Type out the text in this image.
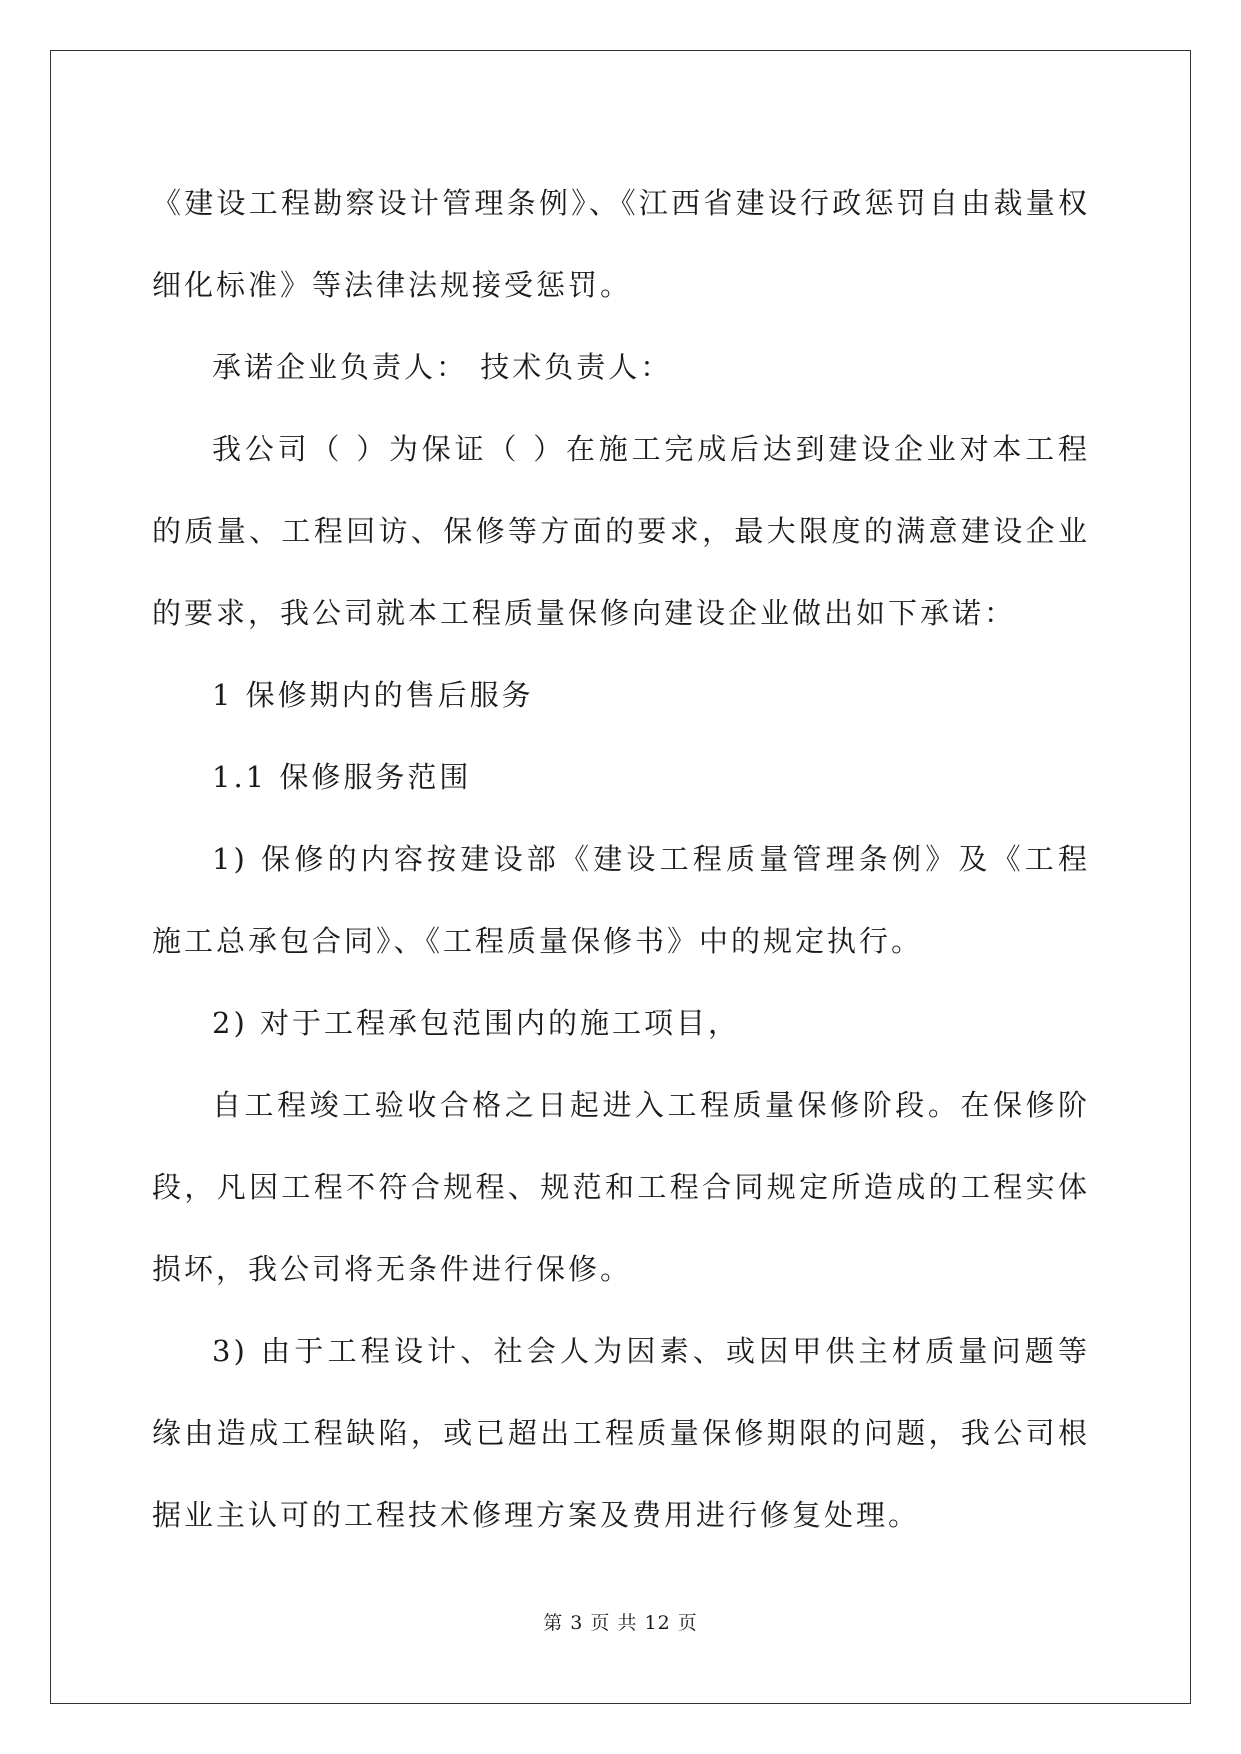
《建设工程勘察设计管理条例》、《江西省建设行政惩罚自由裁量权细化标准》等法律法规接受惩罚。

承诺企业负责人： 技术负责人：

我公司（ ）为保证（ ）在施工完成后达到建设企业对本工程的质量、工程回访、保修等方面的要求，最大限度的满意建设企业的要求，我公司就本工程质量保修向建设企业做出如下承诺：

1 保修期内的售后服务

1.1 保修服务范围

1) 保修的内容按建设部《建设工程质量管理条例》及《工程施工总承包合同》、《工程质量保修书》中的规定执行。

2) 对于工程承包范围内的施工项目，

自工程竣工验收合格之日起进入工程质量保修阶段。在保修阶段，凡因工程不符合规程、规范和工程合同规定所造成的工程实体损坏，我公司将无条件进行保修。

3) 由于工程设计、社会人为因素、或因甲供主材质量问题等缘由造成工程缺陷，或已超出工程质量保修期限的问题，我公司根据业主认可的工程技术修理方案及费用进行修复处理。

第 3 页 共 12 页
